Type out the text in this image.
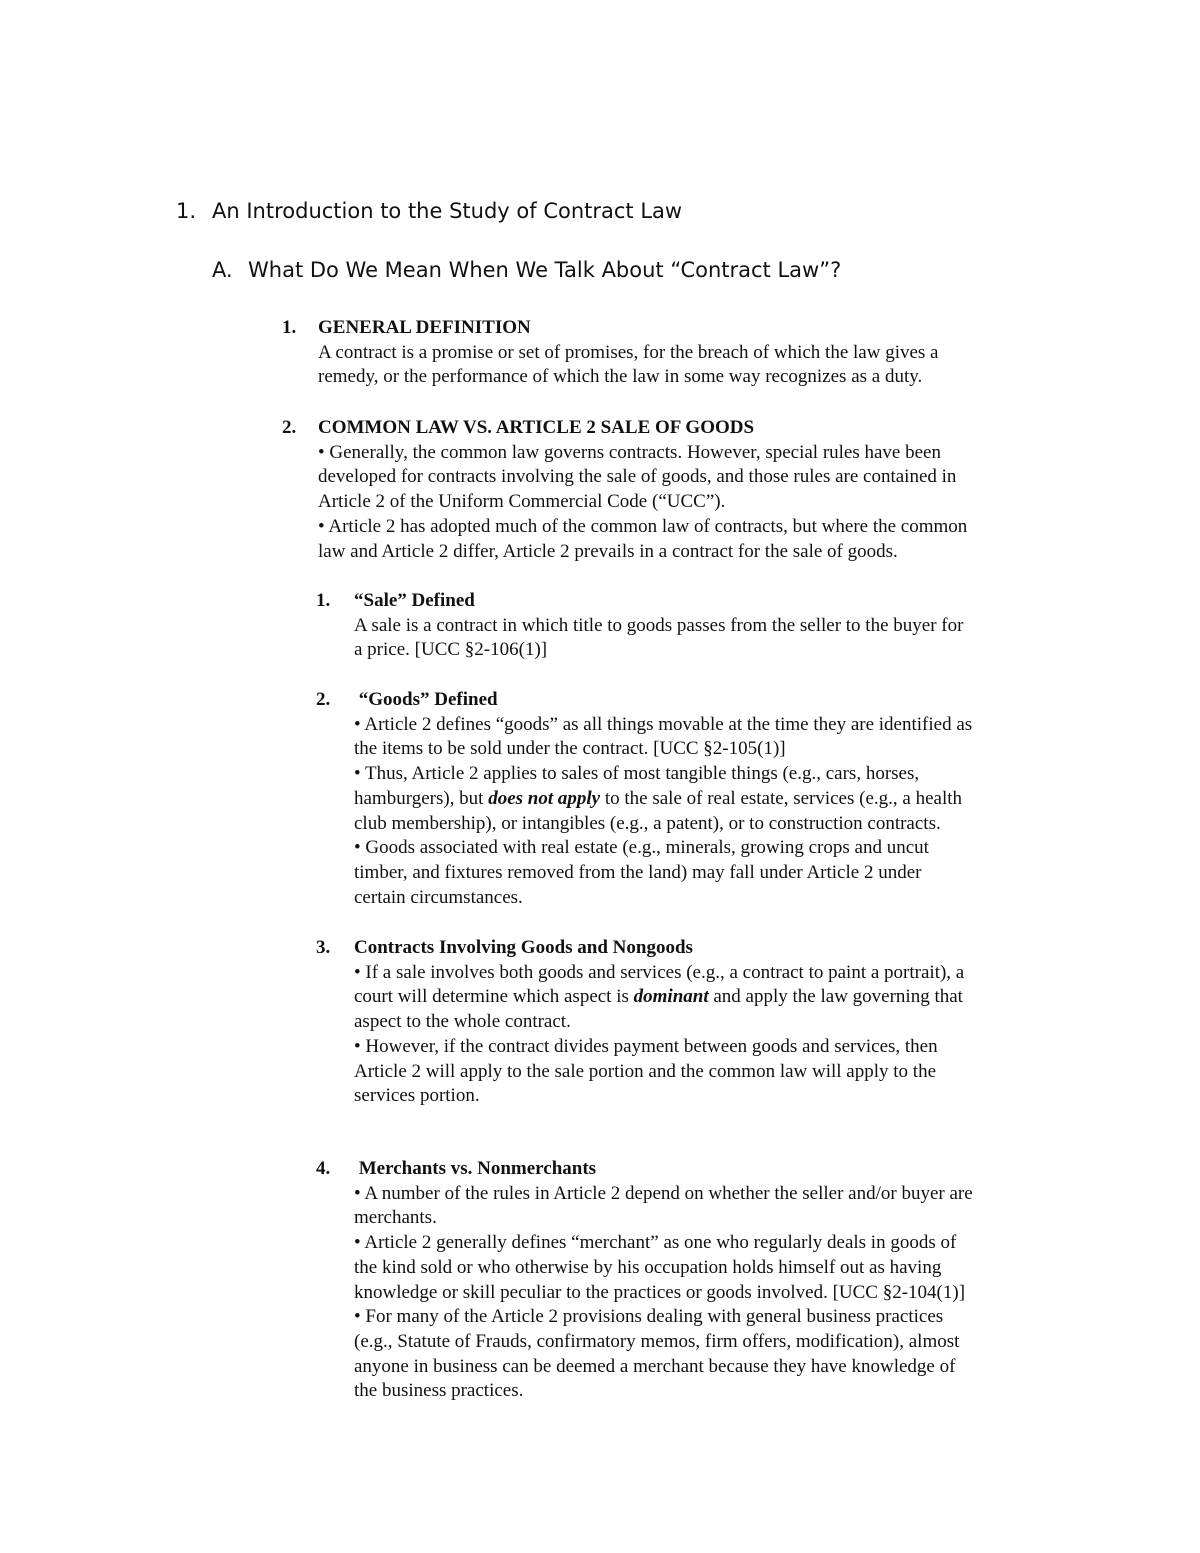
1. An Introduction to the Study of Contract Law
A. What Do We Mean When We Talk About “Contract Law”?
1. GENERAL DEFINITION
A contract is a promise or set of promises, for the breach of which the law gives a
remedy, or the performance of which the law in some way recognizes as a duty.
2. COMMON LAW VS. ARTICLE 2 SALE OF GOODS
• Generally, the common law governs contracts. However, special rules have been
developed for contracts involving the sale of goods, and those rules are contained in
Article 2 of the Uniform Commercial Code (“UCC”).
• Article 2 has adopted much of the common law of contracts, but where the common
law and Article 2 differ, Article 2 prevails in a contract for the sale of goods.
1. “Sale” Defined
A sale is a contract in which title to goods passes from the seller to the buyer for
a price. [UCC §2-106(1)]
2. “Goods” Defined
• Article 2 defines “goods” as all things movable at the time they are identified as
the items to be sold under the contract. [UCC §2-105(1)]
• Thus, Article 2 applies to sales of most tangible things (e.g., cars, horses,
hamburgers), but does not apply to the sale of real estate, services (e.g., a health
club membership), or intangibles (e.g., a patent), or to construction contracts.
• Goods associated with real estate (e.g., minerals, growing crops and uncut
timber, and fixtures removed from the land) may fall under Article 2 under
certain circumstances.
3. Contracts Involving Goods and Nongoods
• If a sale involves both goods and services (e.g., a contract to paint a portrait), a
court will determine which aspect is dominant and apply the law governing that
aspect to the whole contract.
• However, if the contract divides payment between goods and services, then
Article 2 will apply to the sale portion and the common law will apply to the
services portion.
4. Merchants vs. Nonmerchants
• A number of the rules in Article 2 depend on whether the seller and/or buyer are
merchants.
• Article 2 generally defines “merchant” as one who regularly deals in goods of
the kind sold or who otherwise by his occupation holds himself out as having
knowledge or skill peculiar to the practices or goods involved. [UCC §2-104(1)]
• For many of the Article 2 provisions dealing with general business practices
(e.g., Statute of Frauds, confirmatory memos, firm offers, modification), almost
anyone in business can be deemed a merchant because they have knowledge of
the business practices.
